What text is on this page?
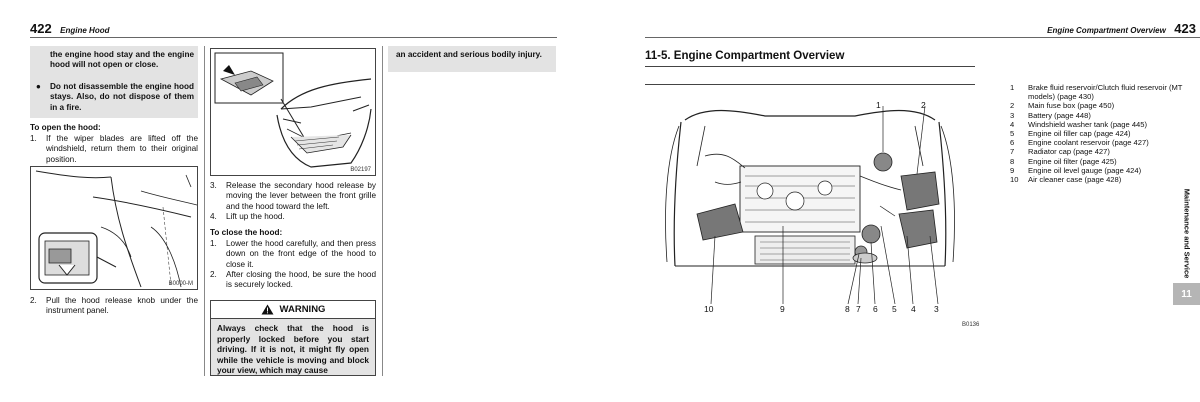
422 Engine Hood
the engine hood stay and the engine hood will not open or close.
● Do not disassemble the engine hood stays. Also, do not dispose of them in a fire.
To open the hood:
1. If the wiper blades are lifted off the windshield, return them to their original position.
B0000-M
2. Pull the hood release knob under the instrument panel.
B02197
3. Release the secondary hood release by moving the lever between the front grille and the hood toward the left.
4. Lift up the hood.
To close the hood:
1. Lower the hood carefully, and then press down on the front edge of the hood to close it.
2. After closing the hood, be sure the hood is securely locked.
WARNING
Always check that the hood is properly locked before you start driving. If it is not, it might fly open while the vehicle is moving and block your view, which may cause
an accident and serious bodily injury.
Engine Compartment Overview 423
11-5. Engine Compartment Overview
1	2
10	9	8 7 6 5 4 3
B0136
1	Brake fluid reservoir/Clutch fluid reservoir (MT models) (page 430)
2	Main fuse box (page 450)
3	Battery (page 448)
4	Windshield washer tank (page 445)
5	Engine oil filler cap (page 424)
6	Engine coolant reservoir (page 427)
7	Radiator cap (page 427)
8	Engine oil filter (page 425)
9	Engine oil level gauge (page 424)
10	Air cleaner case (page 428)
Maintenance and Service
11
